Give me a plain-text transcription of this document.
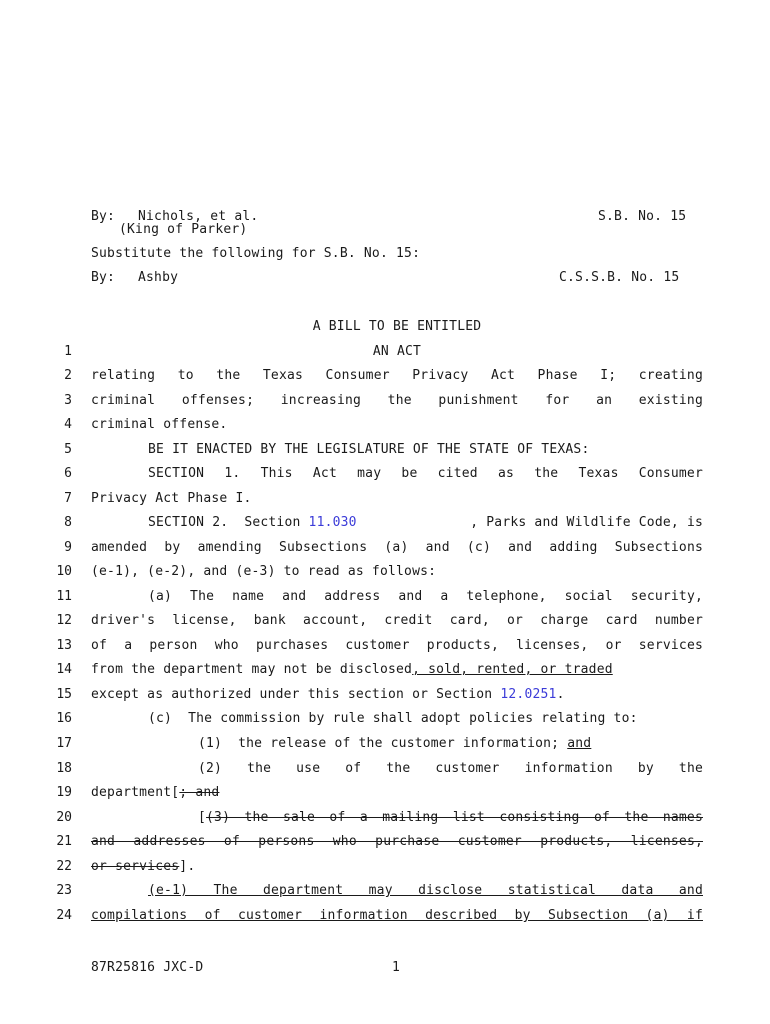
By: Nichols, et al.
(King of Parker)
S.B. No. 15
Substitute the following for S.B. No. 15:
By: Ashby	C.S.S.B. No. 15
A BILL TO BE ENTITLED
1
2
3
4
5
6
7
8
9
10
11
12
13
14
15
16
17
18
19
20
21
22
23
24
AN ACT
relating to the Texas Consumer Privacy Act Phase I; creating
criminal offenses; increasing the punishment for an existing
criminal offense.
BE IT ENACTED BY THE LEGISLATURE OF THE STATE OF TEXAS:
SECTION 1. This Act may be cited as the Texas Consumer
Privacy Act Phase I.
SECTION 2.  Section 11.030	, Parks and Wildlife Code, is
amended by amending Subsections (a) and (c) and adding Subsections
(e-1), (e-2), and (e-3) to read as follows:
(a) The name and address and a telephone, social security,
driver's license, bank account, credit card, or charge card number
of a person who purchases customer products, licenses, or services
from the department may not be disclosed, sold, rented, or traded
except as authorized under this section or Section 12.0251.
(c)  The commission by rule shall adopt policies relating to:
(1)  the release of the customer information; and
(2) the use of the customer information by the
department[; and
[ (3) the sale of a mailing list consisting of the names
and addresses of persons who purchase customer products, licenses,
or services].
(e-1) The department may disclose statistical data and
compilations of customer information described by Subsection (a) if
87R25816 JXC-D	1
